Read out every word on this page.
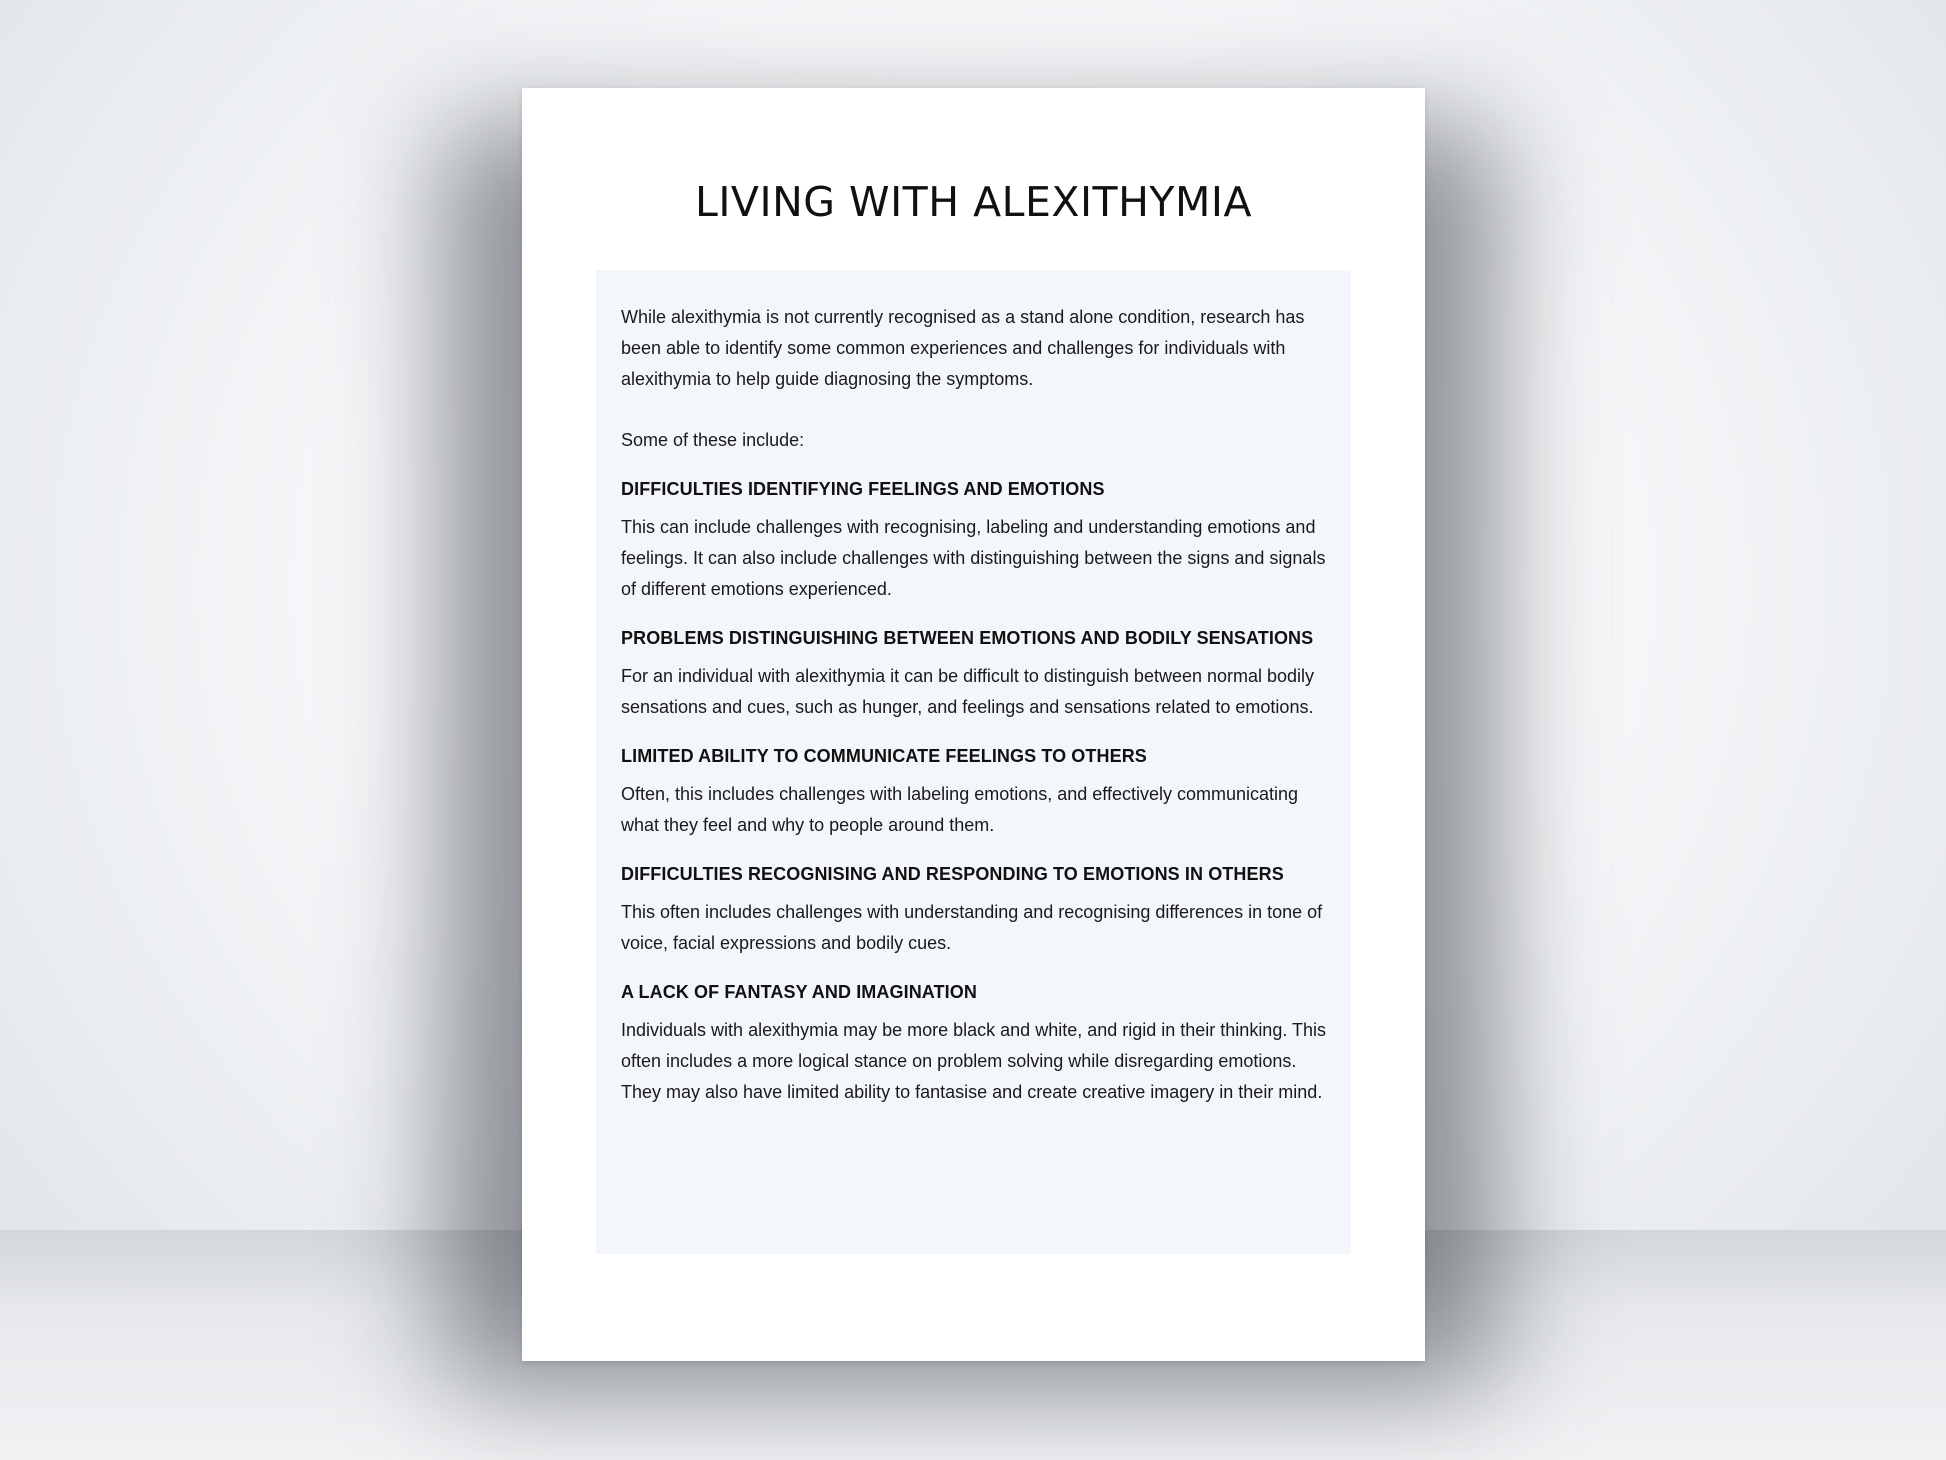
LIVING WITH ALEXITHYMIA

While alexithymia is not currently recognised as a stand alone condition, research has been able to identify some common experiences and challenges for individuals with alexithymia to help guide diagnosing the symptoms.

Some of these include:

DIFFICULTIES IDENTIFYING FEELINGS AND EMOTIONS

This can include challenges with recognising, labeling and understanding emotions and feelings. It can also include challenges with distinguishing between the signs and signals of different emotions experienced.

PROBLEMS DISTINGUISHING BETWEEN EMOTIONS AND BODILY SENSATIONS

For an individual with alexithymia it can be difficult to distinguish between normal bodily sensations and cues, such as hunger, and feelings and sensations related to emotions.

LIMITED ABILITY TO COMMUNICATE FEELINGS TO OTHERS

Often, this includes challenges with labeling emotions, and effectively communicating what they feel and why to people around them.

DIFFICULTIES RECOGNISING AND RESPONDING TO EMOTIONS IN OTHERS

This often includes challenges with understanding and recognising differences in tone of voice, facial expressions and bodily cues.

A LACK OF FANTASY AND IMAGINATION

Individuals with alexithymia may be more black and white, and rigid in their thinking. This often includes a more logical stance on problem solving while disregarding emotions. They may also have limited ability to fantasise and create creative imagery in their mind.
